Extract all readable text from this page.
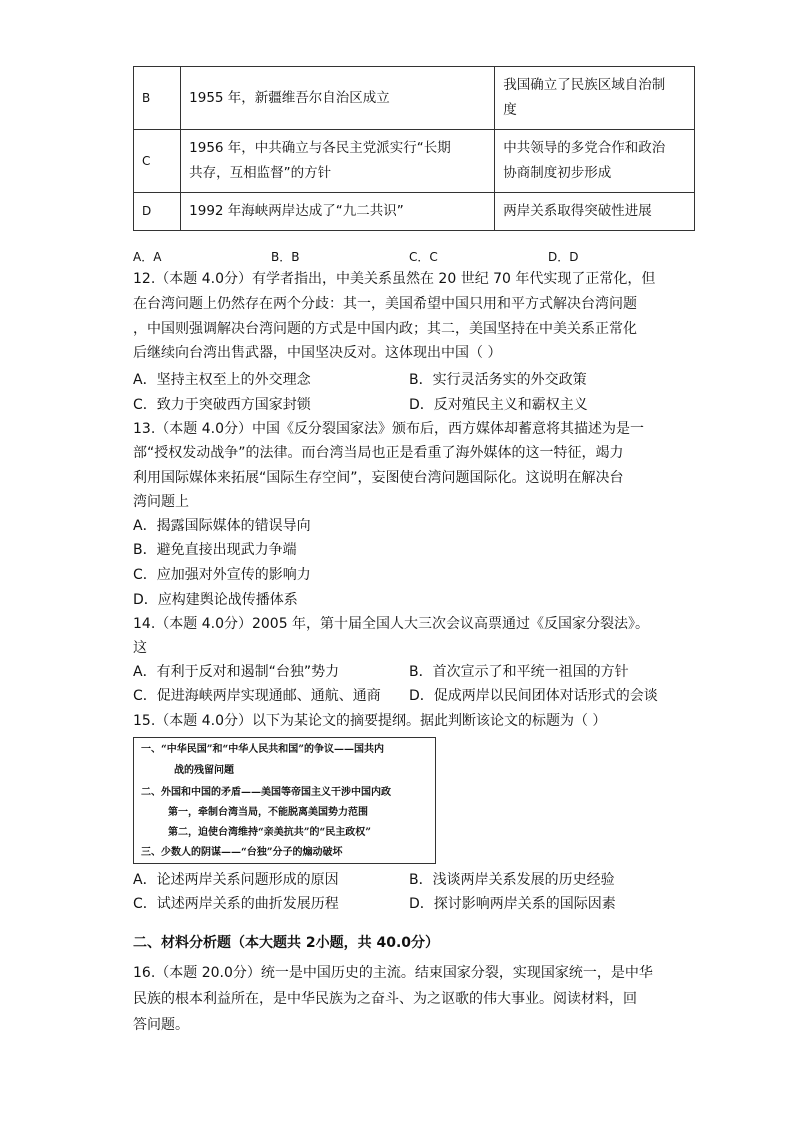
B	1955 年，新疆维吾尔自治区成立	我国确立了民族区域自治制
度
C	1956 年，中共确立与各民主党派实行“长期
共存，互相监督”的方针	中共领导的多党合作和政治
协商制度初步形成
D	1992 年海峡两岸达成了“九二共识”	两岸关系取得突破性进展
A．A	B．B	C．C	D．D
12.（本题 4.0分）有学者指出，中美关系虽然在 20 世纪 70 年代实现了正常化，但
在台湾问题上仍然存在两个分歧：其一，美国希望中国只用和平方式解决台湾问题
，中国则强调解决台湾问题的方式是中国内政；其二，美国坚持在中美关系正常化
后继续向台湾出售武器，中国坚决反对。这体现出中国（ ）
A．坚持主权至上的外交理念	B．实行灵活务实的外交政策
C．致力于突破西方国家封锁	D．反对殖民主义和霸权主义
13.（本题 4.0分）中国《反分裂国家法》颁布后，西方媒体却蓄意将其描述为是一
部“授权发动战争”的法律。而台湾当局也正是看重了海外媒体的这一特征，竭力
利用国际媒体来拓展“国际生存空间”，妄图使台湾问题国际化。这说明在解决台
湾问题上
A．揭露国际媒体的错误导向
B．避免直接出现武力争端
C．应加强对外宣传的影响力
D．应构建舆论战传播体系
14.（本题 4.0分）2005 年，第十届全国人大三次会议高票通过《反国家分裂法》。
这
A．有利于反对和遏制“台独”势力	B．首次宣示了和平统一祖国的方针
C．促进海峡两岸实现通邮、通航、通商 D．促成两岸以民间团体对话形式的会谈
15.（本题 4.0分）以下为某论文的摘要提纲。据此判断该论文的标题为（ ）
一、“中华民国”和“中华人民共和国”的争议——国共内
战的残留问题
二、外国和中国的矛盾——美国等帝国主义干涉中国内政
第一，牵制台湾当局，不能脱离美国势力范围
第二，迫使台湾维持“亲美抗共”的“民主政权”
三、少数人的阴谋——“台独”分子的煽动破坏
A．论述两岸关系问题形成的原因	B．浅谈两岸关系发展的历史经验
C．试述两岸关系的曲折发展历程	D．探讨影响两岸关系的国际因素
二、材料分析题（本大题共 2小题，共 40.0分）
16.（本题 20.0分）统一是中国历史的主流。结束国家分裂，实现国家统一，是中华
民族的根本利益所在，是中华民族为之奋斗、为之讴歌的伟大事业。阅读材料，回
答问题。
